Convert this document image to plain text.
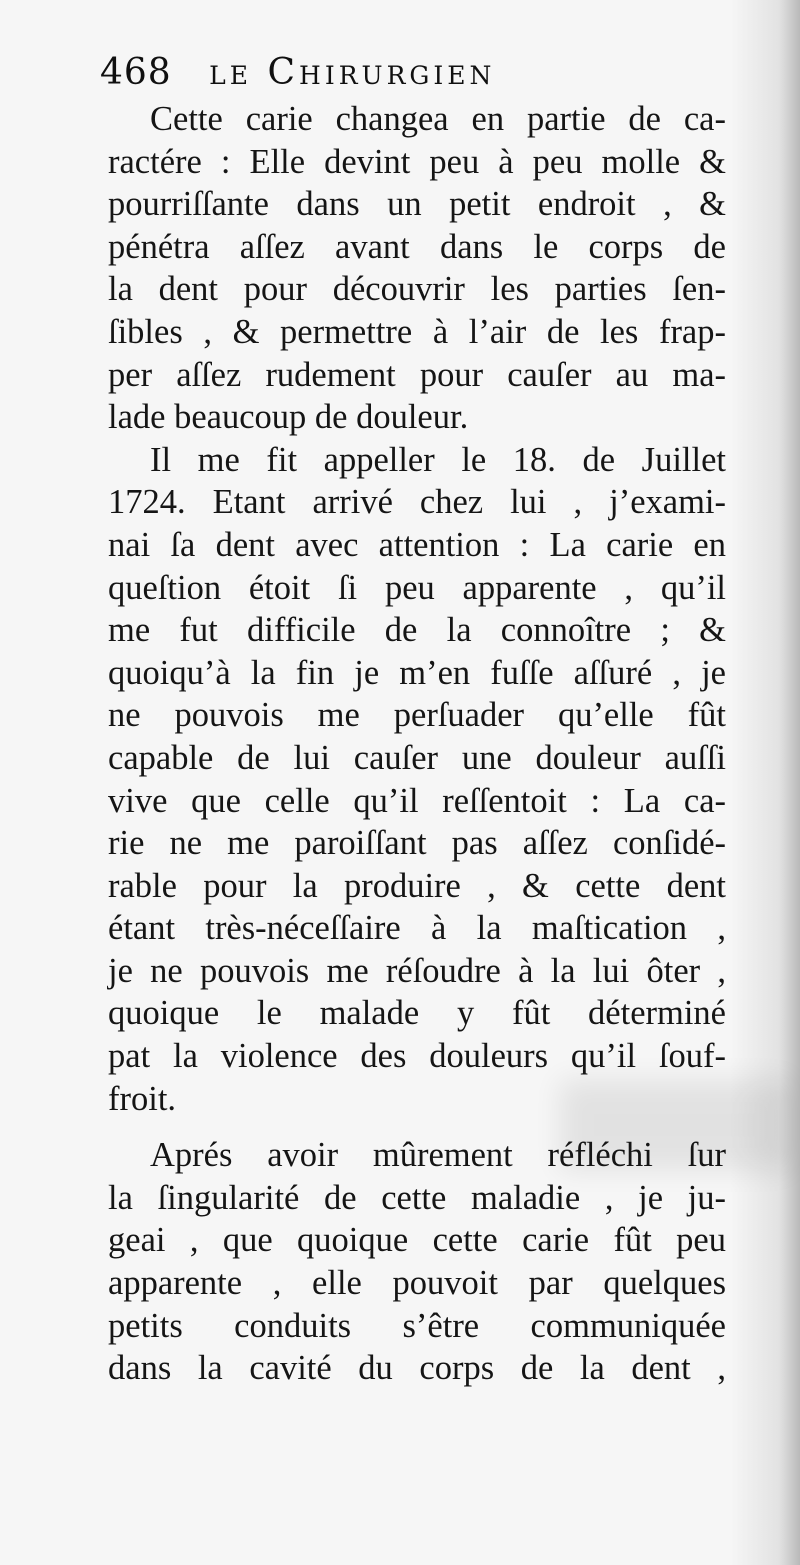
468 le Chirurgien
Cette carie changea en partie de ca-
ractére : Elle devint peu à peu molle &
pourriſſante dans un petit endroit , &
pénétra aſſez avant dans le corps de
la dent pour découvrir les parties ſen-
ſibles , & permettre à l’air de les frap-
per aſſez rudement pour cauſer au ma-
lade beaucoup de douleur.
Il me fit appeller le 18. de Juillet
1724. Etant arrivé chez lui , j’exami-
nai ſa dent avec attention : La carie en
queſtion étoit ſi peu apparente , qu’il
me fut difficile de la connoître ; &
quoiqu’à la fin je m’en fuſſe aſſuré , je
ne pouvois me perſuader qu’elle fût
capable de lui cauſer une douleur auſſi
vive que celle qu’il reſſentoit : La ca-
rie ne me paroiſſant pas aſſez conſidé-
rable pour la produire , & cette dent
étant très-néceſſaire à la maſtication ,
je ne pouvois me réſoudre à la lui ôter ,
quoique le malade y fût déterminé
pat la violence des douleurs qu’il ſouf-
froit.
Aprés avoir mûrement réfléchi ſur
la ſingularité de cette maladie , je ju-
geai , que quoique cette carie fût peu
apparente , elle pouvoit par quelques
petits conduits s’être communiquée
dans la cavité du corps de la dent ,
